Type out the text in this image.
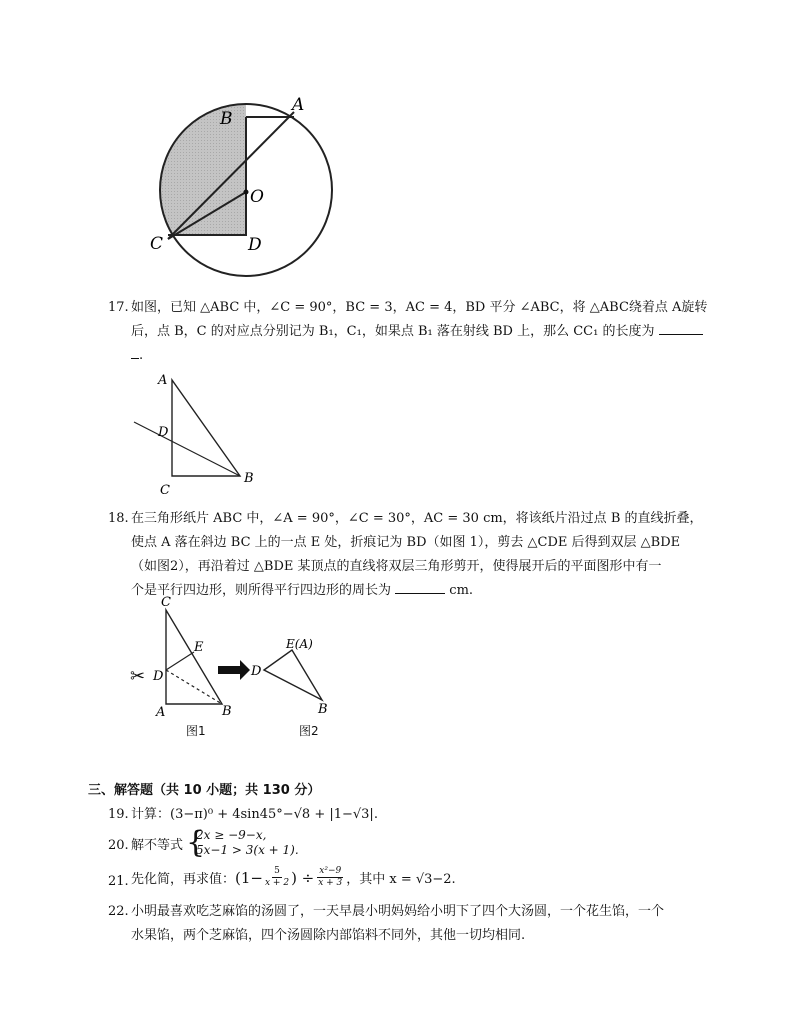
B
A
O
C	D
17. 如图，已知 △ABC 中，∠C = 90°，BC = 3，AC = 4，BD 平分 ∠ABC，将 △ABC绕着点 A旋转
后，点 B，C 的对应点分别记为 B₁，C₁，如果点 B₁ 落在射线 BD 上，那么 CC₁ 的长度为
.
A
D
B
C
18. 在三角形纸片 ABC 中，∠A = 90°，∠C = 30°，AC = 30 cm，将该纸片沿过点 B 的直线折叠，
使点 A 落在斜边 BC 上的一点 E 处，折痕记为 BD（如图 1），剪去 △CDE 后得到双层 △BDE
（如图2），再沿着过 △BDE 某顶点的直线将双层三角形剪开，使得展开后的平面图形中有一
个是平行四边形，则所得平行四边形的周长为	cm.
✂
C
E
D
A	B
E(A)
D
B
图1	图2
三、解答题（共 10 小题；共 130 分）
19. 计算：(3−π)⁰ + 4sin45°−√8 + |1−√3|.
20. 解不等式 {
2x ≥ −9−x,
5x−1 > 3(x + 1).
21. 先化简，再求值： ($1- \frac{5}{x + 2}$ ) ÷ $\frac{\text{x²−9}}{x + 3}$ ，其中 x = √3−2.
22. 小明最喜欢吃芝麻馅的汤圆了，一天早晨小明妈妈给小明下了四个大汤圆，一个花生馅，一个
水果馅，两个芝麻馅，四个汤圆除内部馅料不同外，其他一切均相同.
